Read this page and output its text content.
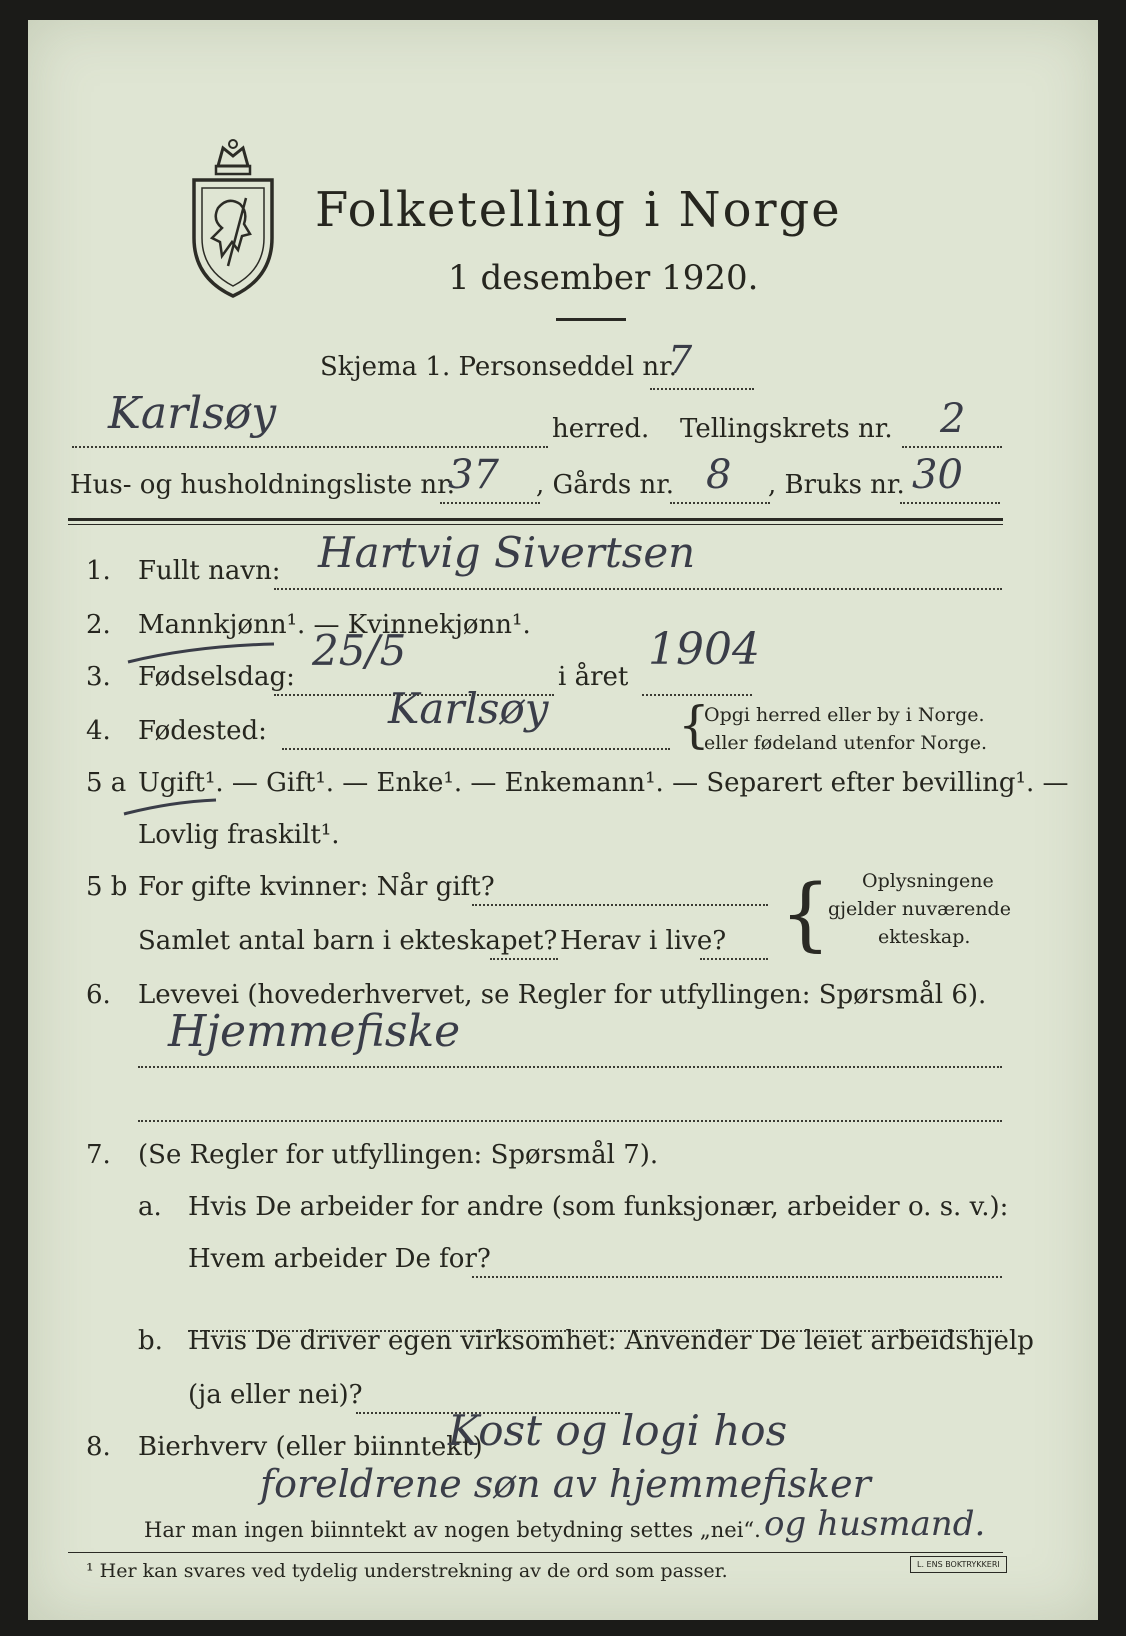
Folketelling i Norge
1 desember 1920.
Skjema 1. Personseddel nr.
7
Karlsøy	herred. Tellingskrets nr. 2
Hus- og husholdningsliste nr.
37 , Gårds nr. 8 , Bruks nr. 30
1. Fullt navn: Hartvig Sivertsen
2. Mannkjønn¹. — Kvinnekjønn¹.
3. Fødselsdag:
25/5
i året
1904
4. Fødested:	Karlsøy	{
Opgi herred eller by i Norge.
eller fødeland utenfor Norge.
5 a Ugift¹. — Gift¹. — Enke¹. — Enkemann¹. — Separert efter bevilling¹. —
Lovlig fraskilt¹.
5 b For gifte kvinner: Når gift?
Samlet antal barn i ekteskapet? Herav i live? { Oplysningene
gjelder nuværende
ekteskap.
6. Levevei (hovederhvervet, se Regler for utfyllingen: Spørsmål 6).
Hjemmefiske
7. (Se Regler for utfyllingen: Spørsmål 7).
a. Hvis De arbeider for andre (som funksjonær, arbeider o. s. v.):
Hvem arbeider De for?
b. Hvis De driver egen virksomhet: Anvender De leiet arbeidshjelp
(ja eller nei)?
8. Bierhverv (eller biinntekt)
Kost og logi hos
foreldrene søn av hjemmefisker
Har man ingen biinntekt av nogen betydning settes „nei“. og husmand.
¹ Her kan svares ved tydelig understrekning av de ord som passer.	L. ENS BOKTRYKKERI
